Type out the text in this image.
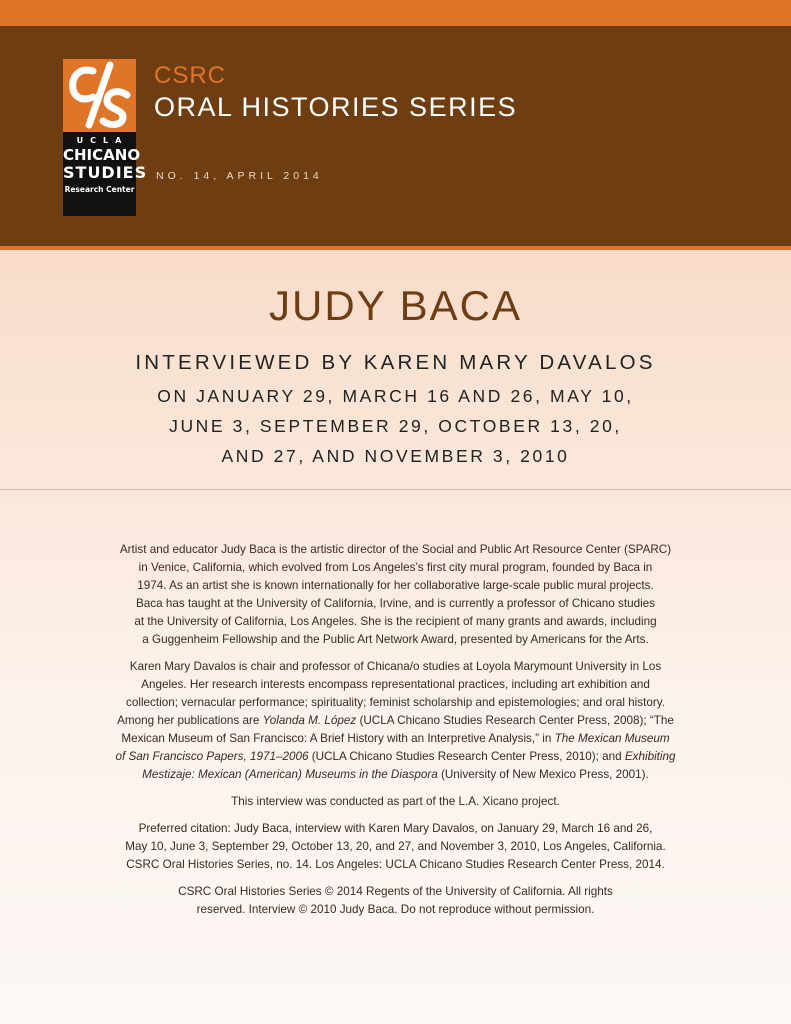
UCLA
CHICANO
STUDIES
Research Center
CSRC
ORAL HISTORIES SERIES
NO. 14, APRIL 2014
JUDY BACA
INTERVIEWED BY KAREN MARY DAVALOS
ON JANUARY 29, MARCH 16 AND 26, MAY 10,
JUNE 3, SEPTEMBER 29, OCTOBER 13, 20,
AND 27, AND NOVEMBER 3, 2010

Artist and educator Judy Baca is the artistic director of the Social and Public Art Resource Center (SPARC)
in Venice, California, which evolved from Los Angeles’s first city mural program, founded by Baca in
1974. As an artist she is known internationally for her collaborative large-scale public mural projects.
Baca has taught at the University of California, Irvine, and is currently a professor of Chicano studies
at the University of California, Los Angeles. She is the recipient of many grants and awards, including
a Guggenheim Fellowship and the Public Art Network Award, presented by Americans for the Arts.

Karen Mary Davalos is chair and professor of Chicana/o studies at Loyola Marymount University in Los
Angeles. Her research interests encompass representational practices, including art exhibition and
collection; vernacular performance; spirituality; feminist scholarship and epistemologies; and oral history.
Among her publications are Yolanda M. López (UCLA Chicano Studies Research Center Press, 2008); “The
Mexican Museum of San Francisco: A Brief History with an Interpretive Analysis,” in The Mexican Museum
of San Francisco Papers, 1971–2006 (UCLA Chicano Studies Research Center Press, 2010); and Exhibiting
Mestizaje: Mexican (American) Museums in the Diaspora (University of New Mexico Press, 2001).

This interview was conducted as part of the L.A. Xicano project.

Preferred citation: Judy Baca, interview with Karen Mary Davalos, on January 29, March 16 and 26,
May 10, June 3, September 29, October 13, 20, and 27, and November 3, 2010, Los Angeles, California.
CSRC Oral Histories Series, no. 14. Los Angeles: UCLA Chicano Studies Research Center Press, 2014.

CSRC Oral Histories Series © 2014 Regents of the University of California. All rights
reserved. Interview © 2010 Judy Baca. Do not reproduce without permission.
